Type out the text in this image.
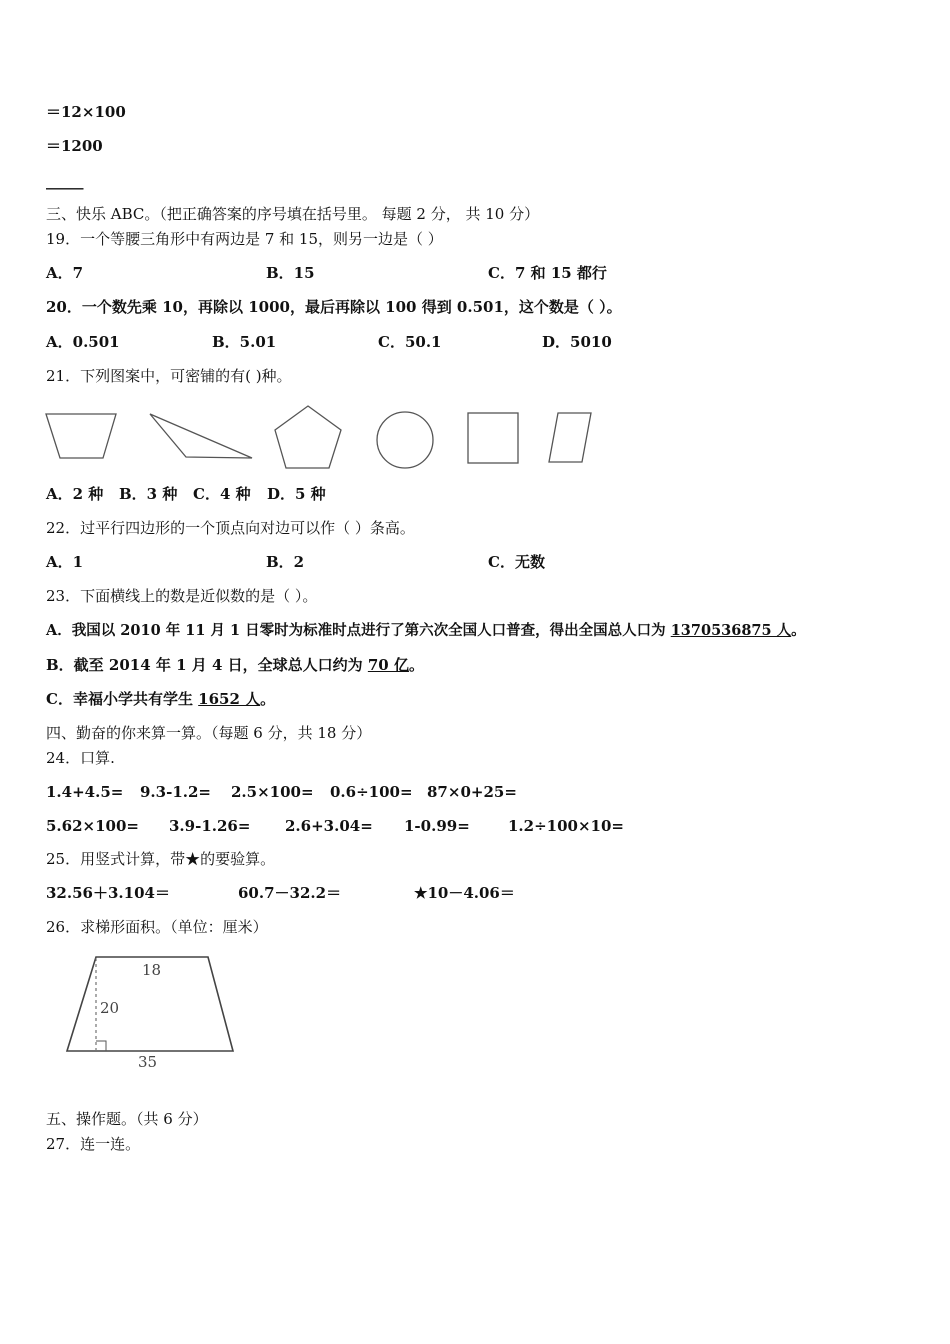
＝12×100
＝1200
_____
三、快乐 ABC。（把正确答案的序号填在括号里。 每题 2 分， 共 10 分）
19．一个等腰三角形中有两边是 7 和 15，则另一边是（ ）
A．7	B．15	C．7 和 15 都行
20．一个数先乘 10，再除以 1000，最后再除以 100 得到 0.501，这个数是（ ）。
A．0.501	B．5.01	C．50.1	D．5010
21．下列图案中，可密铺的有( )种。
A．2 种 B．3 种 C．4 种 D．5 种
22．过平行四边形的一个顶点向对边可以作（ ）条高。
A．1	B．2	C．无数
23．下面横线上的数是近似数的是（ ）。
A．我国以 2010 年 11 月 1 日零时为标准时点进行了第六次全国人口普查，得出全国总人口为 1370536875 人。
B．截至 2014 年 1 月 4 日，全球总人口约为 70 亿。
C．幸福小学共有学生 1652 人。
四、勤奋的你来算一算。（每题 6 分，共 18 分）
24．口算.
1.4+4.5= 9.3-1.2= 2.5×100= 0.6÷100= 87×0+25=
5.62×100= 3.9-1.26= 2.6+3.04= 1-0.99=	1.2÷100×10=
25．用竖式计算，带★的要验算。
32.56＋3.104＝	60.7－32.2＝	★10－4.06＝
26．求梯形面积。（单位：厘米）
18
20
35
五、操作题。（共 6 分）
27．连一连。
